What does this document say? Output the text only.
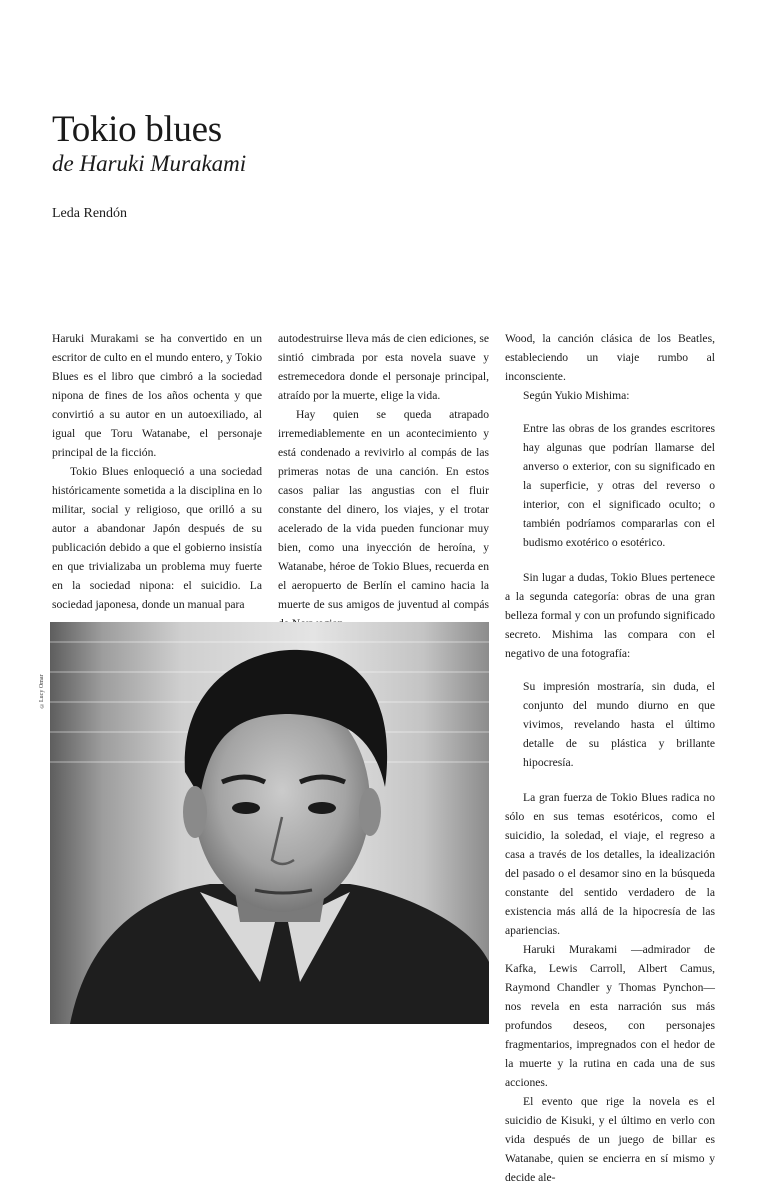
Tokio blues
de Haruki Murakami
Leda Rendón

Haruki Murakami se ha convertido en un escritor de culto en el mundo entero, y Tokio Blues es el libro que cimbró a la sociedad nipona de fines de los años ochenta y que convirtió a su autor en un autoexiliado, al igual que Toru Watanabe, el personaje principal de la ficción.

Tokio Blues enloqueció a una sociedad históricamente sometida a la disciplina en lo militar, social y religioso, que orilló a su autor a abandonar Japón después de su publicación debido a que el gobierno insistía en que trivializaba un problema muy fuerte en la sociedad nipona: el suicidio. La sociedad japonesa, donde un manual para

autodestruirse lleva más de cien ediciones, se sintió cimbrada por esta novela suave y estremecedora donde el personaje principal, atraído por la muerte, elige la vida.

Hay quien se queda atrapado irremediablemente en un acontecimiento y está condenado a revivirlo al compás de las primeras notas de una canción. En estos casos paliar las angustias con el fluir constante del dinero, los viajes, y el trotar acelerado de la vida pueden funcionar muy bien, como una inyección de heroína, y Watanabe, héroe de Tokio Blues, recuerda en el aeropuerto de Berlín el camino hacia la muerte de sus amigos de juventud al compás

Wood, la canción clásica de los Beatles, estableciendo un viaje rumbo al inconsciente.

Según Yukio Mishima:

Entre las obras de los grandes escritores hay algunas que podrían llamarse del anverso o exterior, con su significado en la superficie, y otras del reverso o interior, con el significado oculto; o también podríamos compararlas con el budismo exotérico o esotérico.

Sin lugar a dudas, Tokio Blues pertenece a la segunda categoría: obras de una gran belleza formal y con un profundo significado secreto. Mishima las compara con el negativo de una fotografía:

Su impresión mostraría, sin duda, el conjunto del mundo diurno en que vivimos, revelando hasta el último detalle de su plástica y brillante hipocresía.

La gran fuerza de Tokio Blues radica no sólo en sus temas esotéricos, como el suicidio, la soledad, el viaje, el regreso a casa a través de los detalles, la idealización del pasado o el desamor sino en la búsqueda constante del sentido verdadero de la existencia más allá de la hipocresía de las apariencias.

Haruki Murakami —admirador de Kafka, Lewis Carroll, Albert Camus, Raymond Chandler y Thomas Pynchon— nos revela en esta narración sus más profundos deseos, con personajes fragmentarios, impregnados con el hedor de la muerte y la rutina en cada una de sus acciones.

El evento que rige la novela es el suicidio de Kisuki, y el último en verlo con vida después de un juego de billar es Watanabe, quien se encierra en sí mismo y decide ale-

©Lucy Omar
